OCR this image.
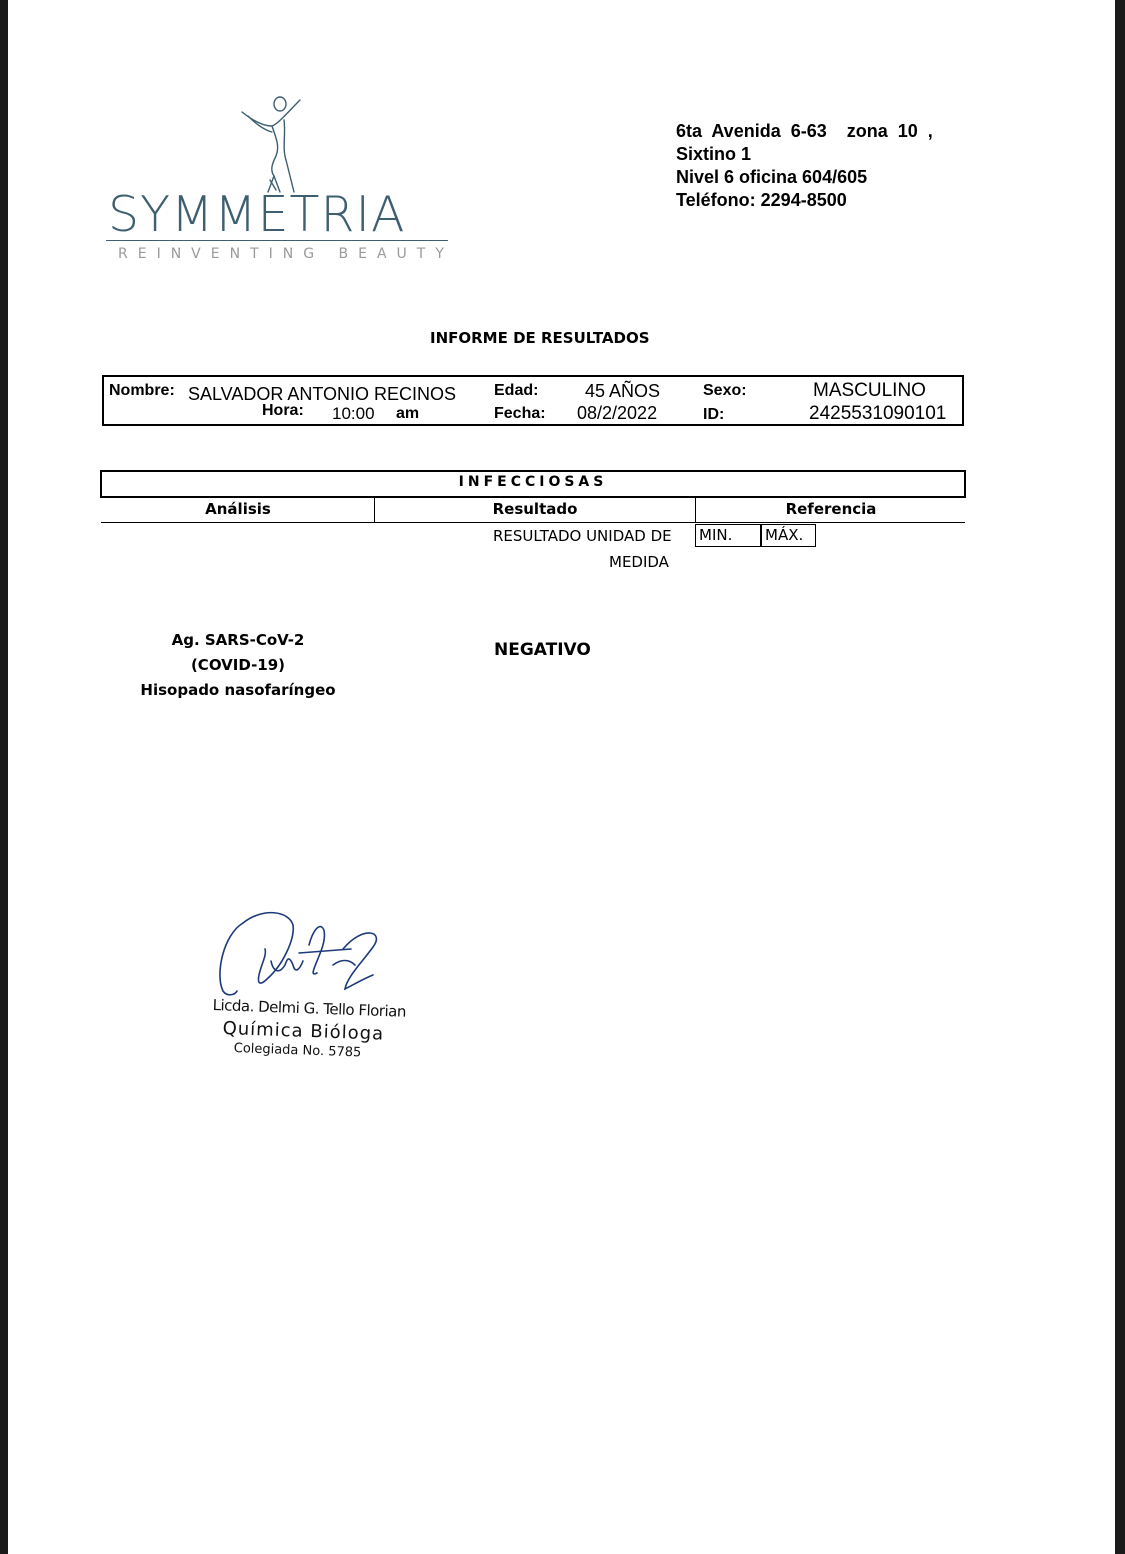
SYMMETRIA
REINVENTING BEAUTY
6ta  Avenida  6-63    zona  10  ,
Sixtino 1
Nivel 6 oficina 604/605
Teléfono: 2294-8500
INFORME DE RESULTADOS
Nombre: SALVADOR ANTONIO RECINOS
Hora: 10:00 am
Edad:	45 AÑOS
Fecha: 08/2/2022
Sexo:	MASCULINO
ID:	2425531090101
INFECCIOSAS
Análisis	Resultado	Referencia
RESULTADO UNIDAD DE
MEDIDA
MIN.	MÁX.
Ag. SARS-CoV-2
(COVID-19)
Hisopado nasofaríngeo
NEGATIVO
Licda. Delmi G. Tello Florian
Química Bióloga
Colegiada No. 5785
